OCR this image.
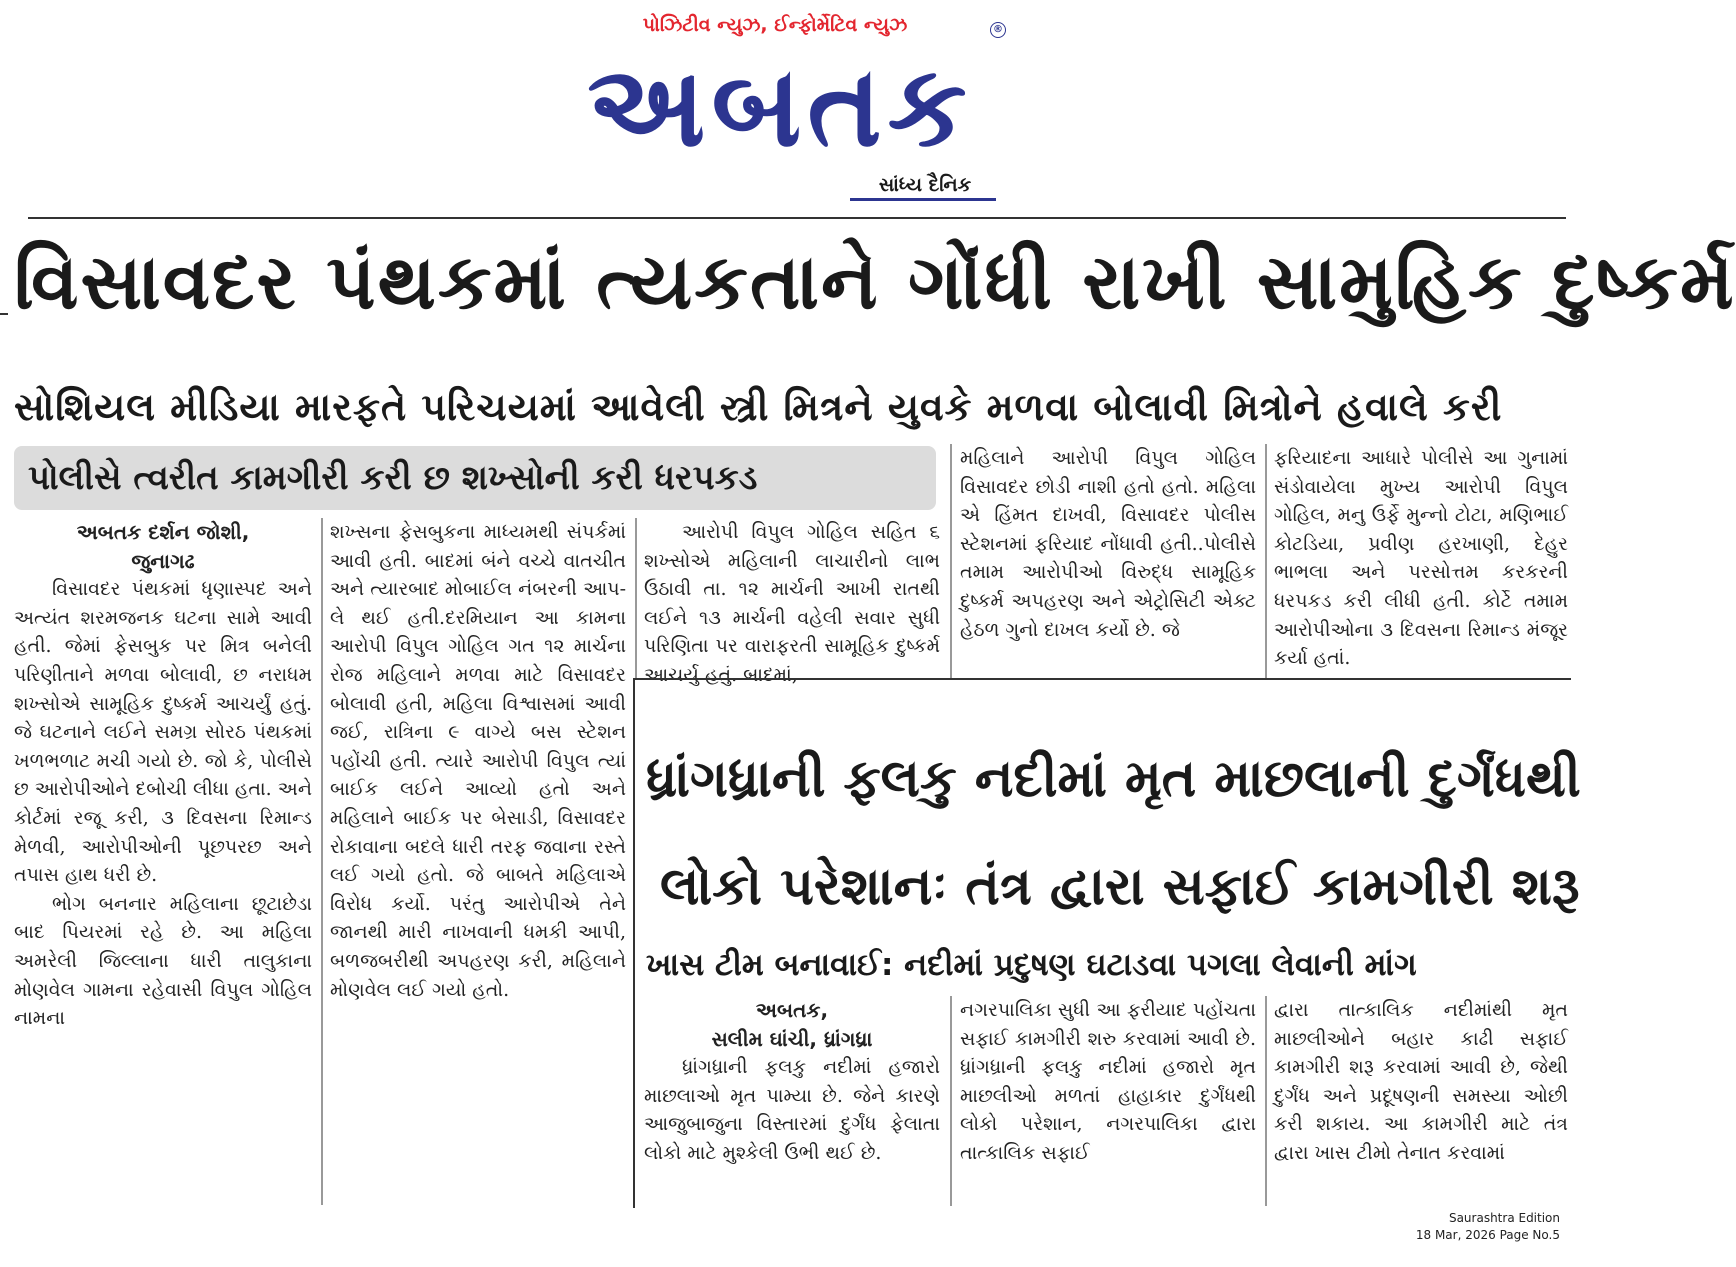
પોઝિટીવ ન્યુઝ, ઈન્ફોર્મેટિવ ન્યુઝ	®
અબતક
સાંધ્ય દૈનિક
વિસાવદર પંથકમાં ત્યકતાને ગોંધી રાખી સામુહિક દુષ્કર્મ
સોશિયલ મીડિયા મારફતે પરિચયમાં આવેલી સ્ત્રી મિત્રને યુવકે મળવા બોલાવી મિત્રોને હવાલે કરી
પોલીસે ત્વરીત કામગીરી કરી છ શખ્સોની કરી ધરપકડ

અબતક દર્શન જોશી,

જુનાગઢ

વિસાવદર પંથકમાં ધૃણાસ્પદ અને અત્યંત શરમજનક ઘટના સામે આવી હતી. જેમાં ફેસબુક પર મિત્ર બનેલી પરિણીતાને મળવા બોલાવી, છ નરાધમ શખ્સોએ સામૂહિક દુષ્કર્મ આચર્યું હતું. જે ઘટનાને લઈને સમગ્ર સોરઠ પંથકમાં ખળભળાટ મચી ગયો છે. જો કે, પોલીસે છ આરોપીઓને દબોચી લીધા હતા. અને કોર્ટમાં રજૂ કરી, ૩ દિવસના રિમાન્ડ મેળવી, આરોપીઓની પૂછપરછ અને તપાસ હાથ ધરી છે.

ભોગ બનનાર મહિલાના છૂટાછેડા બાદ પિયરમાં રહે છે. આ મહિલા અમરેલી જિલ્લાના ધારી તાલુકાના મોણવેલ ગામના રહેવાસી વિપુલ ગોહિલ નામના

શખ્સના ફેસબુકના માધ્યમથી સંપર્કમાં આવી હતી. બાદમાં બંને વચ્ચે વાતચીત અને ત્યારબાદ મોબાઈલ નંબરની આપ-લે થઈ હતી.દરમિયાન આ કામના આરોપી વિપુલ ગોહિલ ગત ૧૨ માર્ચના રોજ મહિલાને મળવા માટે વિસાવદર બોલાવી હતી, મહિલા વિશ્વાસમાં આવી જઈ, રાત્રિના ૯ વાગ્યે બસ સ્ટેશન પહોંચી હતી. ત્યારે આરોપી વિપુલ ત્યાં બાઈક લઈને આવ્યો હતો અને મહિલાને બાઈક પર બેસાડી, વિસાવદર રોકાવાના બદલે ધારી તરફ જવાના રસ્તે લઈ ગયો હતો. જે બાબતે મહિલાએ વિરોધ કર્યો. પરંતુ આરોપીએ તેને જાનથી મારી નાખવાની ધમકી આપી, બળજબરીથી અપહરણ કરી, મહિલાને મોણવેલ લઈ ગયો હતો.

આરોપી વિપુલ ગોહિલ સહિત ૬ શખ્સોએ મહિલાની લાચારીનો લાભ ઉઠાવી તા. ૧૨ માર્ચની આખી રાતથી લઈને ૧૩ માર્ચની વહેલી સવાર સુધી પરિણિતા પર વારાફરતી સામૂહિક દુષ્કર્મ આચર્યુ હતું. બાદમાં,

મહિલાને આરોપી વિપુલ ગોહિલ વિસાવદર છોડી નાશી હતો હતો. મહિલા એ હિંમત દાખવી, વિસાવદર પોલીસ સ્ટેશનમાં ફરિયાદ નોંધાવી હતી..પોલીસે તમામ આરોપીઓ વિરુદ્ધ સામૂહિક દુષ્કર્મ અપહરણ અને એટ્રોસિટી એક્ટ હેઠળ ગુનો દાખલ કર્યો છે. જે

ફરિયાદના આધારે પોલીસે આ ગુનામાં સંડોવાયેલા મુખ્ય આરોપી વિપુલ ગોહિલ, મનુ ઉર્ફે મુન્નો ટોટા, મણિભાઈ કોટડિયા, પ્રવીણ હરખાણી, દેહુર ભાભલા અને પરસોત્તમ કરકરની ધરપકડ કરી લીધી હતી. કોર્ટે તમામ આરોપીઓના ૩ દિવસના રિમાન્ડ મંજૂર કર્યા હતાં.

ધ્રાંગધ્રાની ફલકુ નદીમાં મૃત માછલાની દુર્ગંધથી
લોકો પરેશાનઃ તંત્ર દ્વારા સફાઈ કામગીરી શરૂ
ખાસ ટીમ બનાવાઈ: નદીમાં પ્રદુષણ ઘટાડવા પગલા લેવાની માંગ

અબતક,

સલીમ ઘાંચી, ધ્રાંગધ્રા

ધ્રાંગધ્રાની ફલકુ નદીમાં હજારો માછલાઓ મૃત પામ્યા છે. જેને કારણે આજુબાજુના વિસ્તારમાં દુર્ગંધ ફેલાતા લોકો માટે મુશ્કેલી ઉભી થઈ છે.

નગરપાલિકા સુધી આ ફરીયાદ પહોંચતા સફાઈ કામગીરી શરુ કરવામાં આવી છે. ધ્રાંગધ્રાની ફલકુ નદીમાં હજારો મૃત માછલીઓ મળતાં હાહાકાર દુર્ગંધથી લોકો પરેશાન, નગરપાલિકા દ્વારા તાત્કાલિક સફાઈ

દ્વારા તાત્કાલિક નદીમાંથી મૃત માછલીઓને બહાર કાઢી સફાઈ કામગીરી શરૂ કરવામાં આવી છે, જેથી દુર્ગંધ અને પ્રદૂષણની સમસ્યા ઓછી કરી શકાય. આ કામગીરી માટે તંત્ર દ્વારા ખાસ ટીમો તેનાત કરવામાં

Saurashtra Edition
18 Mar, 2026 Page No.5
